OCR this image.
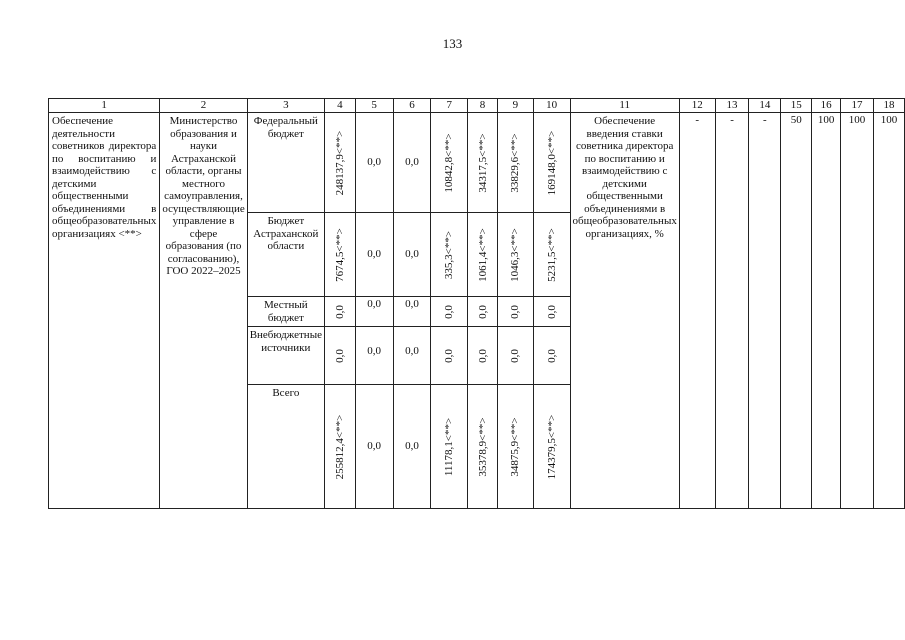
133
1	2	3	4	5	6	7	8	9	10	11	12	13	14	15	16	17	18
Обеспечение деятельности советников директора по воспитанию и взаимодействию с детскими общественными объединениями в общеобразовательных организациях <**>	Министерство образования и науки Астраханской области, органы местного самоуправления, осуществляющие управление в сфере образования (по согласованию), ГОО 2022–2025	Федеральный бюджет	248137,9<**>	0,0	0,0	10842,8<**>	34317,5<**>	33829,6<**>	169148,0<**>	Обеспечение введения ставки советника директора по воспитанию и взаимодействию с детскими общественными объединениями в общеобразовательных организациях, %	-	-	-	50	100	100	100
		Бюджет Астраханской области	7674,5<**>	0,0	0,0	335,3<**>	1061,4<**>	1046,3<**>	5231,5<**>								

		Местный бюджет	0,0	0,0	0,0	0,0	0,0	0,0	0,0								

		Внебюджетные источники	0,0	0,0	0,0	0,0	0,0	0,0	0,0								

		Всего	255812,4<**>	0,0	0,0	11178,1<**>	35378,9<**>	34875,9<**>	174379,5<**>								
